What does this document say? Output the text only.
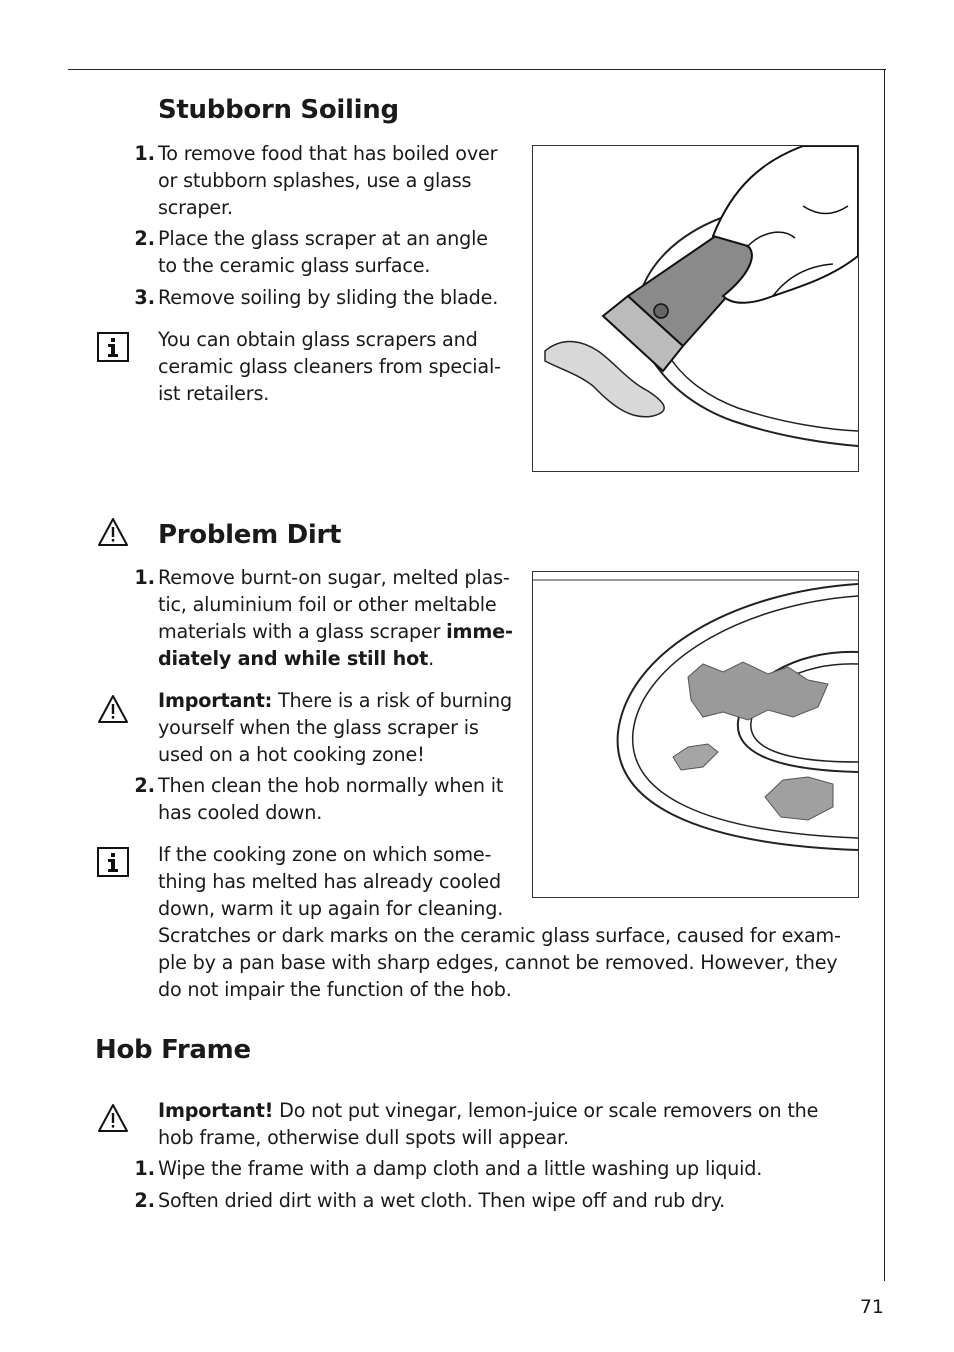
Stubborn Soiling
1. To remove food that has boiled over
or stubborn splashes, use a glass
scraper.

2. Place the glass scraper at an angle
to the ceramic glass surface.

3. Remove soiling by sliding the blade.

You can obtain glass scrapers and
ceramic glass cleaners from special-
ist retailers.

Problem Dirt
1. Remove burnt-on sugar, melted plas-
tic, aluminium foil or other meltable
materials with a glass scraper imme-
diately and while still hot.

Important: There is a risk of burning
yourself when the glass scraper is
used on a hot cooking zone!

2. Then clean the hob normally when it
has cooled down.

If the cooking zone on which some-
thing has melted has already cooled
down, warm it up again for cleaning.
Scratches or dark marks on the ceramic glass surface, caused for exam-
ple by a pan base with sharp edges, cannot be removed. However, they
do not impair the function of the hob.

Hob Frame

Important! Do not put vinegar, lemon-juice or scale removers on the
hob frame, otherwise dull spots will appear.

1. Wipe the frame with a damp cloth and a little washing up liquid.

2. Soften dried dirt with a wet cloth. Then wipe off and rub dry.

71
